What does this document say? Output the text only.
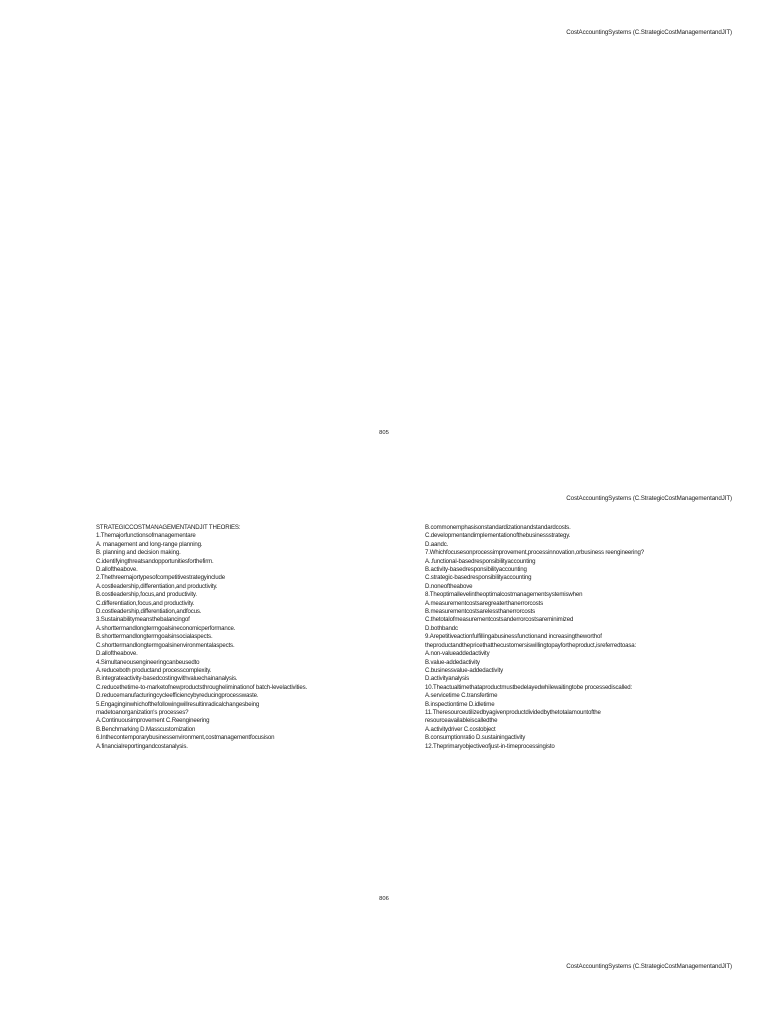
CostAccountingSystems (C.StrategicCostManagementandJIT)
805
CostAccountingSystems (C.StrategicCostManagementandJIT)
STRATEGICCOSTMANAGEMENTANDJIT THEORIES:
1.Themajorfunctionsofmanagementare
A. management and long-range planning.
B. planning and decision making.
C.identifyingthreatsandopportunitiesforthefirm.
D.alloftheabove.
2.Thethreemajortypesofcompetitivestrategyinclude
A.costleadership,differentiation,and productivity.
B.costleadership,focus,and productivity.
C.differentiation,focus,and productivity.
D.costleadership,differentiation,andfocus.
3.Sustainabilitymeansthebalancingof
A.shorttermandlongtermgoalsineconomicperformance.
B.shorttermandlongtermgoalsinsocialaspects.
C.shorttermandlongtermgoalsinenvironmentalaspects.
D.alloftheabove.
4.Simultaneousengineeringcanbeusedto
A.reduceboth productand processcomplexity.
B.integrateactivity-basedcostingwithvaluechainanalysis.
C.reducethetime-to-marketofnewproductsthrougheliminationof batch-levelactivities.
D.reducemanufacturingcycleefficiencybyreducingprocesswaste.
5.Engaginginwhichofthefollowingwillresultinradicalchangesbeing
madetoanorganization's processes?
A.Continuousimprovement C.Reengineering
B.Benchmarking D.Masscustomization
6.Inthecontemporarybusinessenvironment,costmanagementfocusison
A.financialreportingandcostanalysis.
B.commonemphasisonstandardizationandstandardcosts.
C.developmentandimplementationofthebusinessstrategy.
D.aandc.
7.Whichfocusesonprocessimprovement,processinnovation,orbusiness reengineering?
A..functional-basedresponsibilityaccounting
B.activity-basedresponsibilityaccounting
C.strategic-basedresponsibilityaccounting
D.noneoftheabove
8.Theoptimallevelintheoptimalcostmanagementsystemiswhen
A.measurementcostsaregreaterthanerrorcosts
B.measurementcostsarelessthanerrorcosts
C.thetotalofmeasurementcostsanderrorcostsareminimized
D.bothbandc
9.Arepetitiveactionfulfillingabusinessfunctionand increasingtheworthof
theproductandthepricethatthecustomersiswillingtopayfortheproduct,isreferredtoasa:
A.non-valueaddedactivity
B.value-addedactivity
C.businessvalue-addedactivity
D.activityanalysis
10.Theactualtimethataproductmustbedelayedwhilewaitingtobe processediscalled:
A.servicetime C.transfertime
B.inspectiontime D.idletime
11.Theresourceutilizedbyagivenproductdividedbythetotalamountofthe
resourceavailableiscalledthe
A.activitydriver C.costobject
B.consumptionratio D.sustainingactivity
12.Theprimaryobjectiveofjust-in-timeprocessingisto
806
CostAccountingSystems (C.StrategicCostManagementandJIT)
